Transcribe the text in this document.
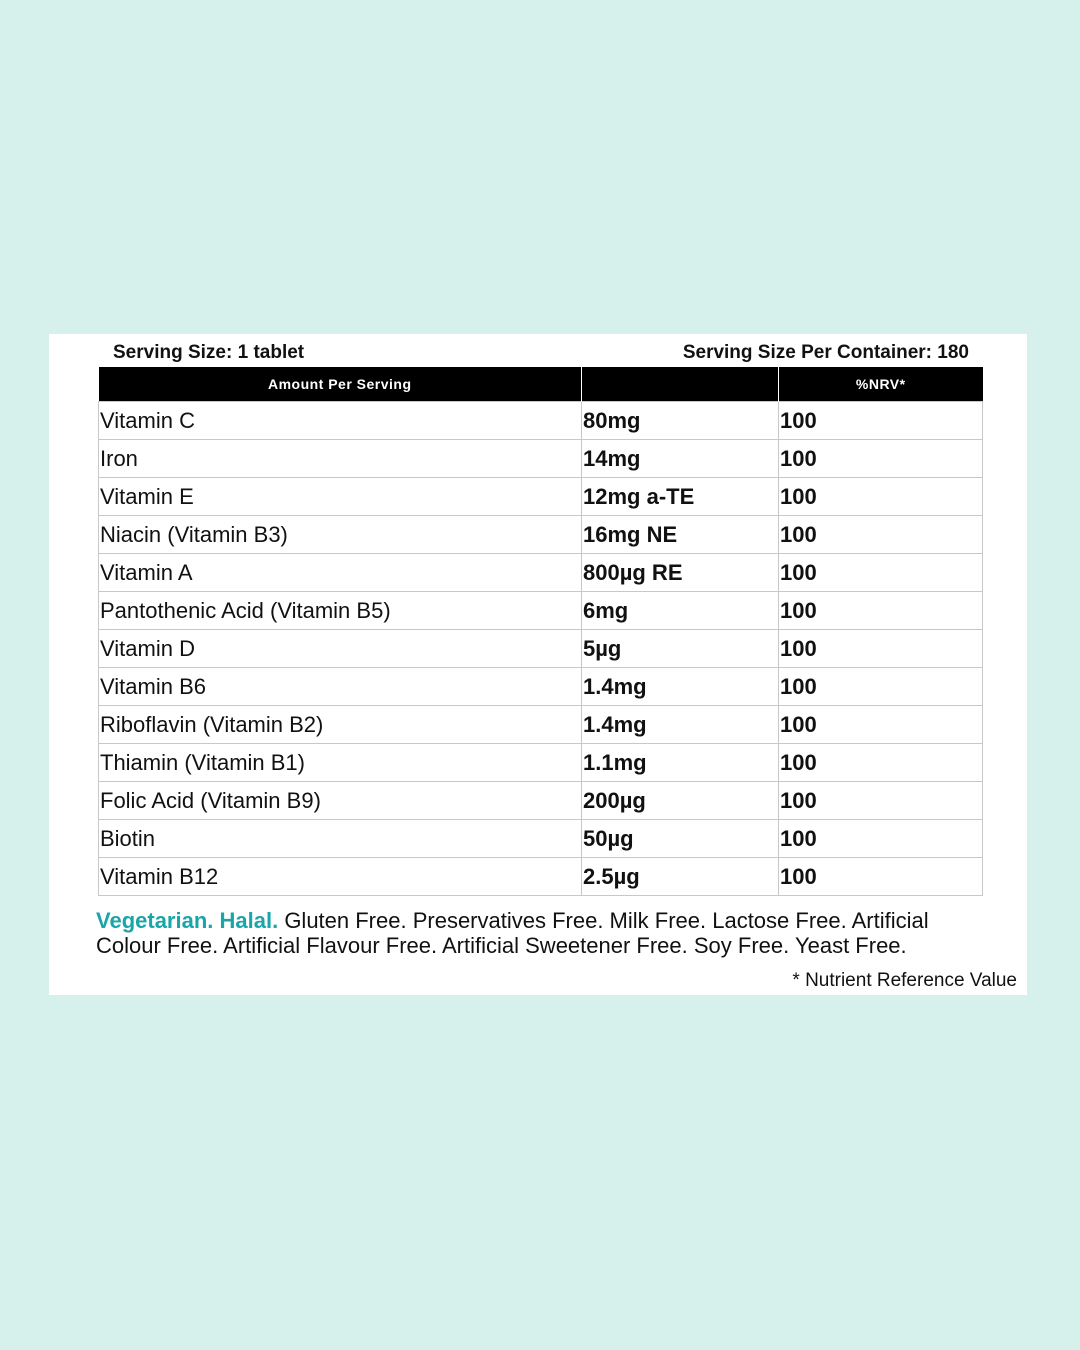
Serving Size: 1 tablet	Serving Size Per Container: 180
Amount Per Serving		%NRV*
Vitamin C	80mg	100
Iron	14mg	100
Vitamin E	12mg a-TE	100
Niacin (Vitamin B3)	16mg NE	100
Vitamin A	800µg RE	100
Pantothenic Acid (Vitamin B5)	6mg	100
Vitamin D	5µg	100
Vitamin B6	1.4mg	100
Riboflavin (Vitamin B2)	1.4mg	100
Thiamin (Vitamin B1)	1.1mg	100
Folic Acid (Vitamin B9)	200µg	100
Biotin	50µg	100
Vitamin B12	2.5µg	100
Vegetarian. Halal. Gluten Free. Preservatives Free. Milk Free. Lactose Free. Artificial Colour Free. Artificial Flavour Free. Artificial Sweetener Free. Soy Free. Yeast Free.
* Nutrient Reference Value
